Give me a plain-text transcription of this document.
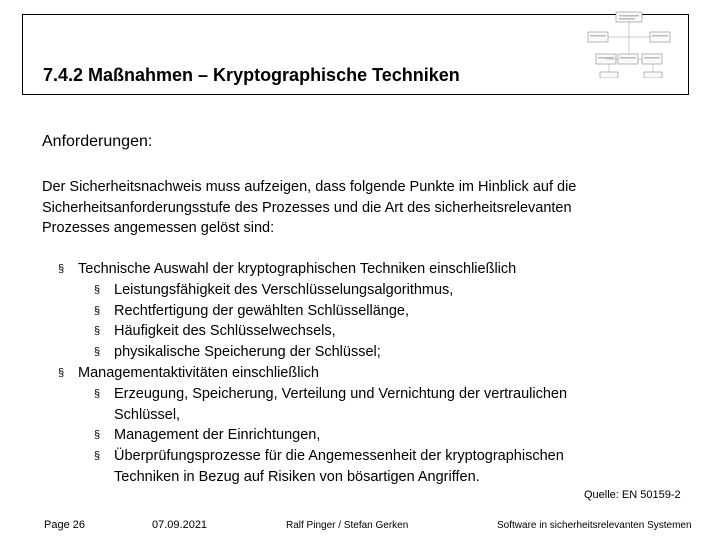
7.4.2 Maßnahmen – Kryptographische Techniken
Anforderungen:
Der Sicherheitsnachweis muss aufzeigen, dass folgende Punkte im Hinblick auf die
Sicherheitsanforderungsstufe des Prozesses und die Art des sicherheitsrelevanten
Prozesses angemessen gelöst sind:
§ Technische Auswahl der kryptographischen Techniken einschließlich
§ Leistungsfähigkeit des Verschlüsselungsalgorithmus,
§ Rechtfertigung der gewählten Schlüssellänge,
§ Häufigkeit des Schlüsselwechsels,
§ physikalische Speicherung der Schlüssel;
§ Managementaktivitäten einschließlich
§ Erzeugung, Speicherung, Verteilung und Vernichtung der vertraulichen
Schlüssel,
§ Management der Einrichtungen,
§ Überprüfungsprozesse für die Angemessenheit der kryptographischen
Techniken in Bezug auf Risiken von bösartigen Angriffen.
Quelle: EN 50159-2
Page 26	07.09.2021	Ralf Pinger / Stefan Gerken	Software in sicherheitsrelevanten Systemen
